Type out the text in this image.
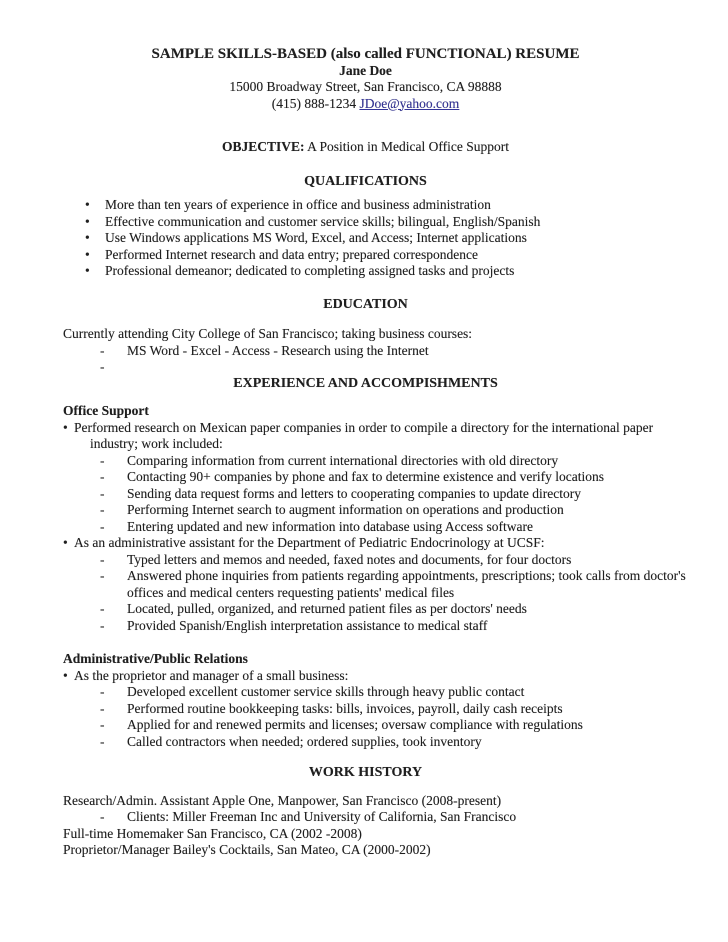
SAMPLE SKILLS-BASED (also called FUNCTIONAL) RESUME
Jane Doe
15000 Broadway Street, San Francisco, CA 98888
(415) 888-1234 JDoe@yahoo.com
OBJECTIVE: A Position in Medical Office Support
QUALIFICATIONS
• More than ten years of experience in office and business administration
• Effective communication and customer service skills; bilingual, English/Spanish
• Use Windows applications MS Word, Excel, and Access; Internet applications
• Performed Internet research and data entry; prepared correspondence
• Professional demeanor; dedicated to completing assigned tasks and projects
EDUCATION
Currently attending City College of San Francisco; taking business courses:
- MS Word - Excel - Access - Research using the Internet
-
EXPERIENCE AND ACCOMPISHMENTS
Office Support
• Performed research on Mexican paper companies in order to compile a directory for the international paper industry; work included:
- Comparing information from current international directories with old directory
- Contacting 90+ companies by phone and fax to determine existence and verify locations
- Sending data request forms and letters to cooperating companies to update directory
- Performing Internet search to augment information on operations and production
- Entering updated and new information into database using Access software
• As an administrative assistant for the Department of Pediatric Endocrinology at UCSF:
- Typed letters and memos and needed, faxed notes and documents, for four doctors
- Answered phone inquiries from patients regarding appointments, prescriptions; took calls from doctor's offices and medical centers requesting patients' medical files
- Located, pulled, organized, and returned patient files as per doctors' needs
- Provided Spanish/English interpretation assistance to medical staff
Administrative/Public Relations
• As the proprietor and manager of a small business:
- Developed excellent customer service skills through heavy public contact
- Performed routine bookkeeping tasks: bills, invoices, payroll, daily cash receipts
- Applied for and renewed permits and licenses; oversaw compliance with regulations
- Called contractors when needed; ordered supplies, took inventory
WORK HISTORY
Research/Admin. Assistant Apple One, Manpower, San Francisco (2008-present)
- Clients: Miller Freeman Inc and University of California, San Francisco
Full-time Homemaker San Francisco, CA (2002 -2008)
Proprietor/Manager Bailey's Cocktails, San Mateo, CA (2000-2002)
